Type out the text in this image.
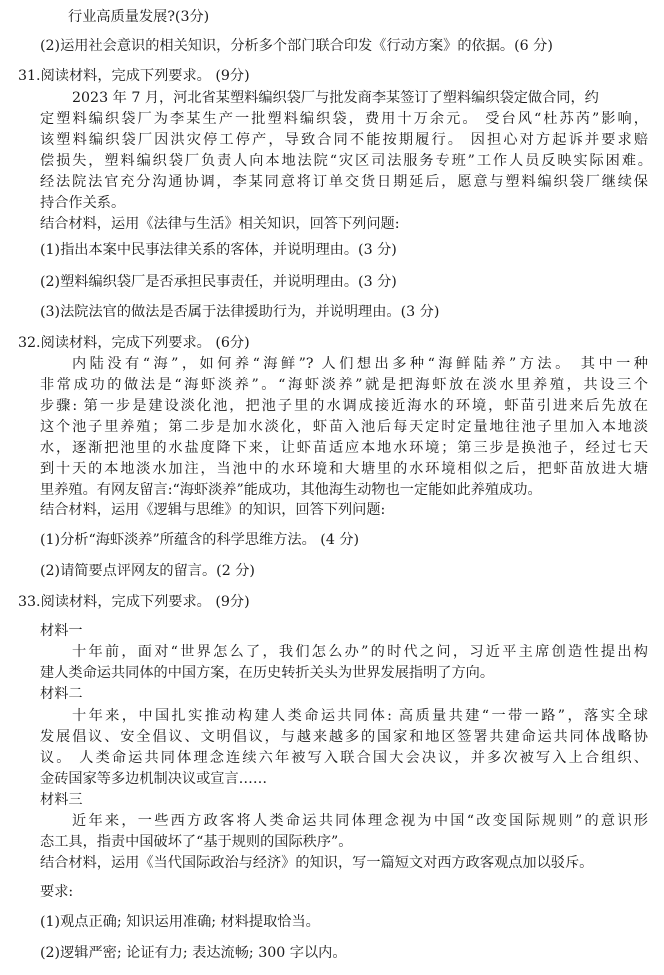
行业高质量发展?(3分)
(2)运用社会意识的相关知识，分析多个部门联合印发《行动方案》的依据。(6 分)
31.阅读材料，完成下列要求。 (9分)
2023 年 7 月，河北省某塑料编织袋厂与批发商李某签订了塑料编织袋定做合同，约
定塑料编织袋厂为李某生产一批塑料编织袋，费用十万余元。 受台风“杜苏芮”影响，
该塑料编织袋厂因洪灾停工停产，导致合同不能按期履行。 因担心对方起诉并要求赔
偿损失，塑料编织袋厂负责人向本地法院“灾区司法服务专班”工作人员反映实际困难。
经法院法官充分沟通协调，李某同意将订单交货日期延后，愿意与塑料编织袋厂继续保
持合作关系。
结合材料，运用《法律与生活》相关知识，回答下列问题:
(1)指出本案中民事法律关系的客体，并说明理由。(3 分)
(2)塑料编织袋厂是否承担民事责任，并说明理由。(3 分)
(3)法院法官的做法是否属于法律援助行为，并说明理由。(3 分)
32.阅读材料，完成下列要求。 (6分)
内陆没有“海”，如何养“海鲜”? 人们想出多种“海鲜陆养”方法。 其中一种
非常成功的做法是“海虾淡养”。“海虾淡养”就是把海虾放在淡水里养殖，共设三个
步骤: 第一步是建设淡化池，把池子里的水调成接近海水的环境，虾苗引进来后先放在
这个池子里养殖；第二步是加水淡化，虾苗入池后每天定时定量地往池子里加入本地淡
水，逐渐把池里的水盐度降下来，让虾苗适应本地水环境；第三步是换池子，经过七天
到十天的本地淡水加注，当池中的水环境和大塘里的水环境相似之后，把虾苗放进大塘
里养殖。有网友留言:“海虾淡养”能成功，其他海生动物也一定能如此养殖成功。
结合材料，运用《逻辑与思维》的知识，回答下列问题:
(1)分析“海虾淡养”所蕴含的科学思维方法。 (4 分)
(2)请简要点评网友的留言。(2 分)
33.阅读材料，完成下列要求。 (9分)
材料一
十年前，面对“世界怎么了，我们怎么办”的时代之问，习近平主席创造性提出构
建人类命运共同体的中国方案，在历史转折关头为世界发展指明了方向。
材料二
十年来，中国扎实推动构建人类命运共同体: 高质量共建“一带一路”，落实全球
发展倡议、安全倡议、文明倡议，与越来越多的国家和地区签署共建命运共同体战略协
议。 人类命运共同体理念连续六年被写入联合国大会决议，并多次被写入上合组织、
金砖国家等多边机制决议或宣言……
材料三
近年来，一些西方政客将人类命运共同体理念视为中国“改变国际规则”的意识形
态工具，指责中国破坏了“基于规则的国际秩序”。
结合材料，运用《当代国际政治与经济》的知识，写一篇短文对西方政客观点加以驳斥。
要求:
(1)观点正确; 知识运用准确; 材料提取恰当。
(2)逻辑严密; 论证有力; 表达流畅; 300 字以内。
